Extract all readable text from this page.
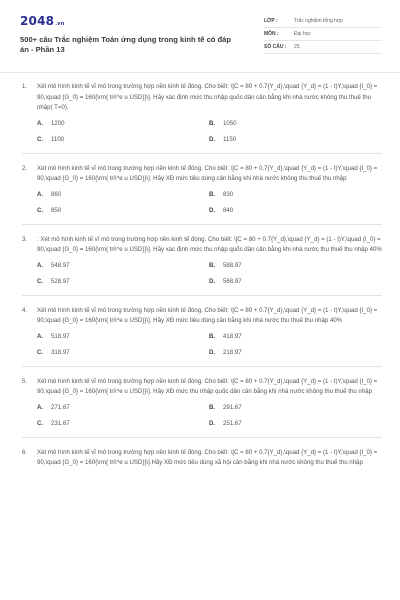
2048.vn
500+ câu Trắc nghiệm Toán ứng dụng trong kinh tế có đáp án - Phần 13
LỚP :	Trắc nghiệm tổng hợp
MÔN :	Đại học
SỐ CÂU :	25
1.	Xét mô hình kinh tế vĩ mô trong trường hợp nền kinh tế đóng. Cho biết: \[C = 80 + 0.7{Y_d},\quad {Y_d} = (1 - t)Y,\quad {I_0} = 90,\quad {G_0} = 160{\rm{ tri\^e u USD}}\]. Hãy xác định mức thu nhập quốc dân cân bằng khi nhà nước không thu thuế thu nhập( T=0).
A.	1200	B.	1050
C.	1100	D.	1150
2.	Xét mô hình kinh tế vĩ mô trong trường hợp nền kinh tế đóng. Cho biết: \[C = 80 + 0.7{Y_d},\quad {Y_d} = (1 - t)Y,\quad {I_0} = 90,\quad {G_0} = 160{\rm{ tri\^e u USD}}\]. Hãy XĐ mức tiêu dùng cân bằng khi nhà nước không thu thuế thu nhập
A.	860	B.	830
C.	850	D.	840
3.	: Xét mô hình kinh tế vĩ mô trong trường hợp nền kinh tế đóng. Cho biết: \[C = 80 + 0.7{Y_d},\quad {Y_d} = (1 - t)Y,\quad {I_0} = 90,\quad {G_0} = 160{\rm{ tri\^e u USD}}\]. Hãy xác định mức thu nhập quốc dân cân bằng khi nhà nước thu thuế thu nhập 40%
A.	548.97	B.	588.97
C.	528.97	D.	568.97
4.	Xét mô hình kinh tế vĩ mô trong trường hợp nền kinh tế đóng. Cho biết: \[C = 80 + 0.7{Y_d},\quad {Y_d} = (1 - t)Y,\quad {I_0} = 90,\quad {G_0} = 160{\rm{ tri\^e u USD}}\]. Hãy XĐ mức tiêu dùng cân bằng khi nhà nước thu thuế thu nhập 40%
A.	518.97	B.	418.97
C.	318.97	D.	218.97
5.	Xét mô hình kinh tế vĩ mô trong trường hợp nền kinh tế đóng. Cho biết: \[C = 80 + 0.7{Y_d},\quad {Y_d} = (1 - t)Y,\quad {I_0} = 90,\quad {G_0} = 160{\rm{ tri\^e u USD}}\]. Hãy XĐ mức thu nhập quốc dân cân bằng khi nhà nước không thu thuế thu nhập
A.	271.67	B.	291.67
C.	231.67	D.	251.67
6.	Xét mô hình kinh tế vĩ mô trong trường hợp nền kinh tế đóng. Cho biết: \[C = 80 + 0.7{Y_d},\quad {Y_d} = (1 - t)Y,\quad {I_0} = 90,\quad {G_0} = 160{\rm{ tri\^e u USD}}\].Hãy XĐ mức tiêu dùng xã hội cân bằng khi nhà nước không thu thuế thu nhập
